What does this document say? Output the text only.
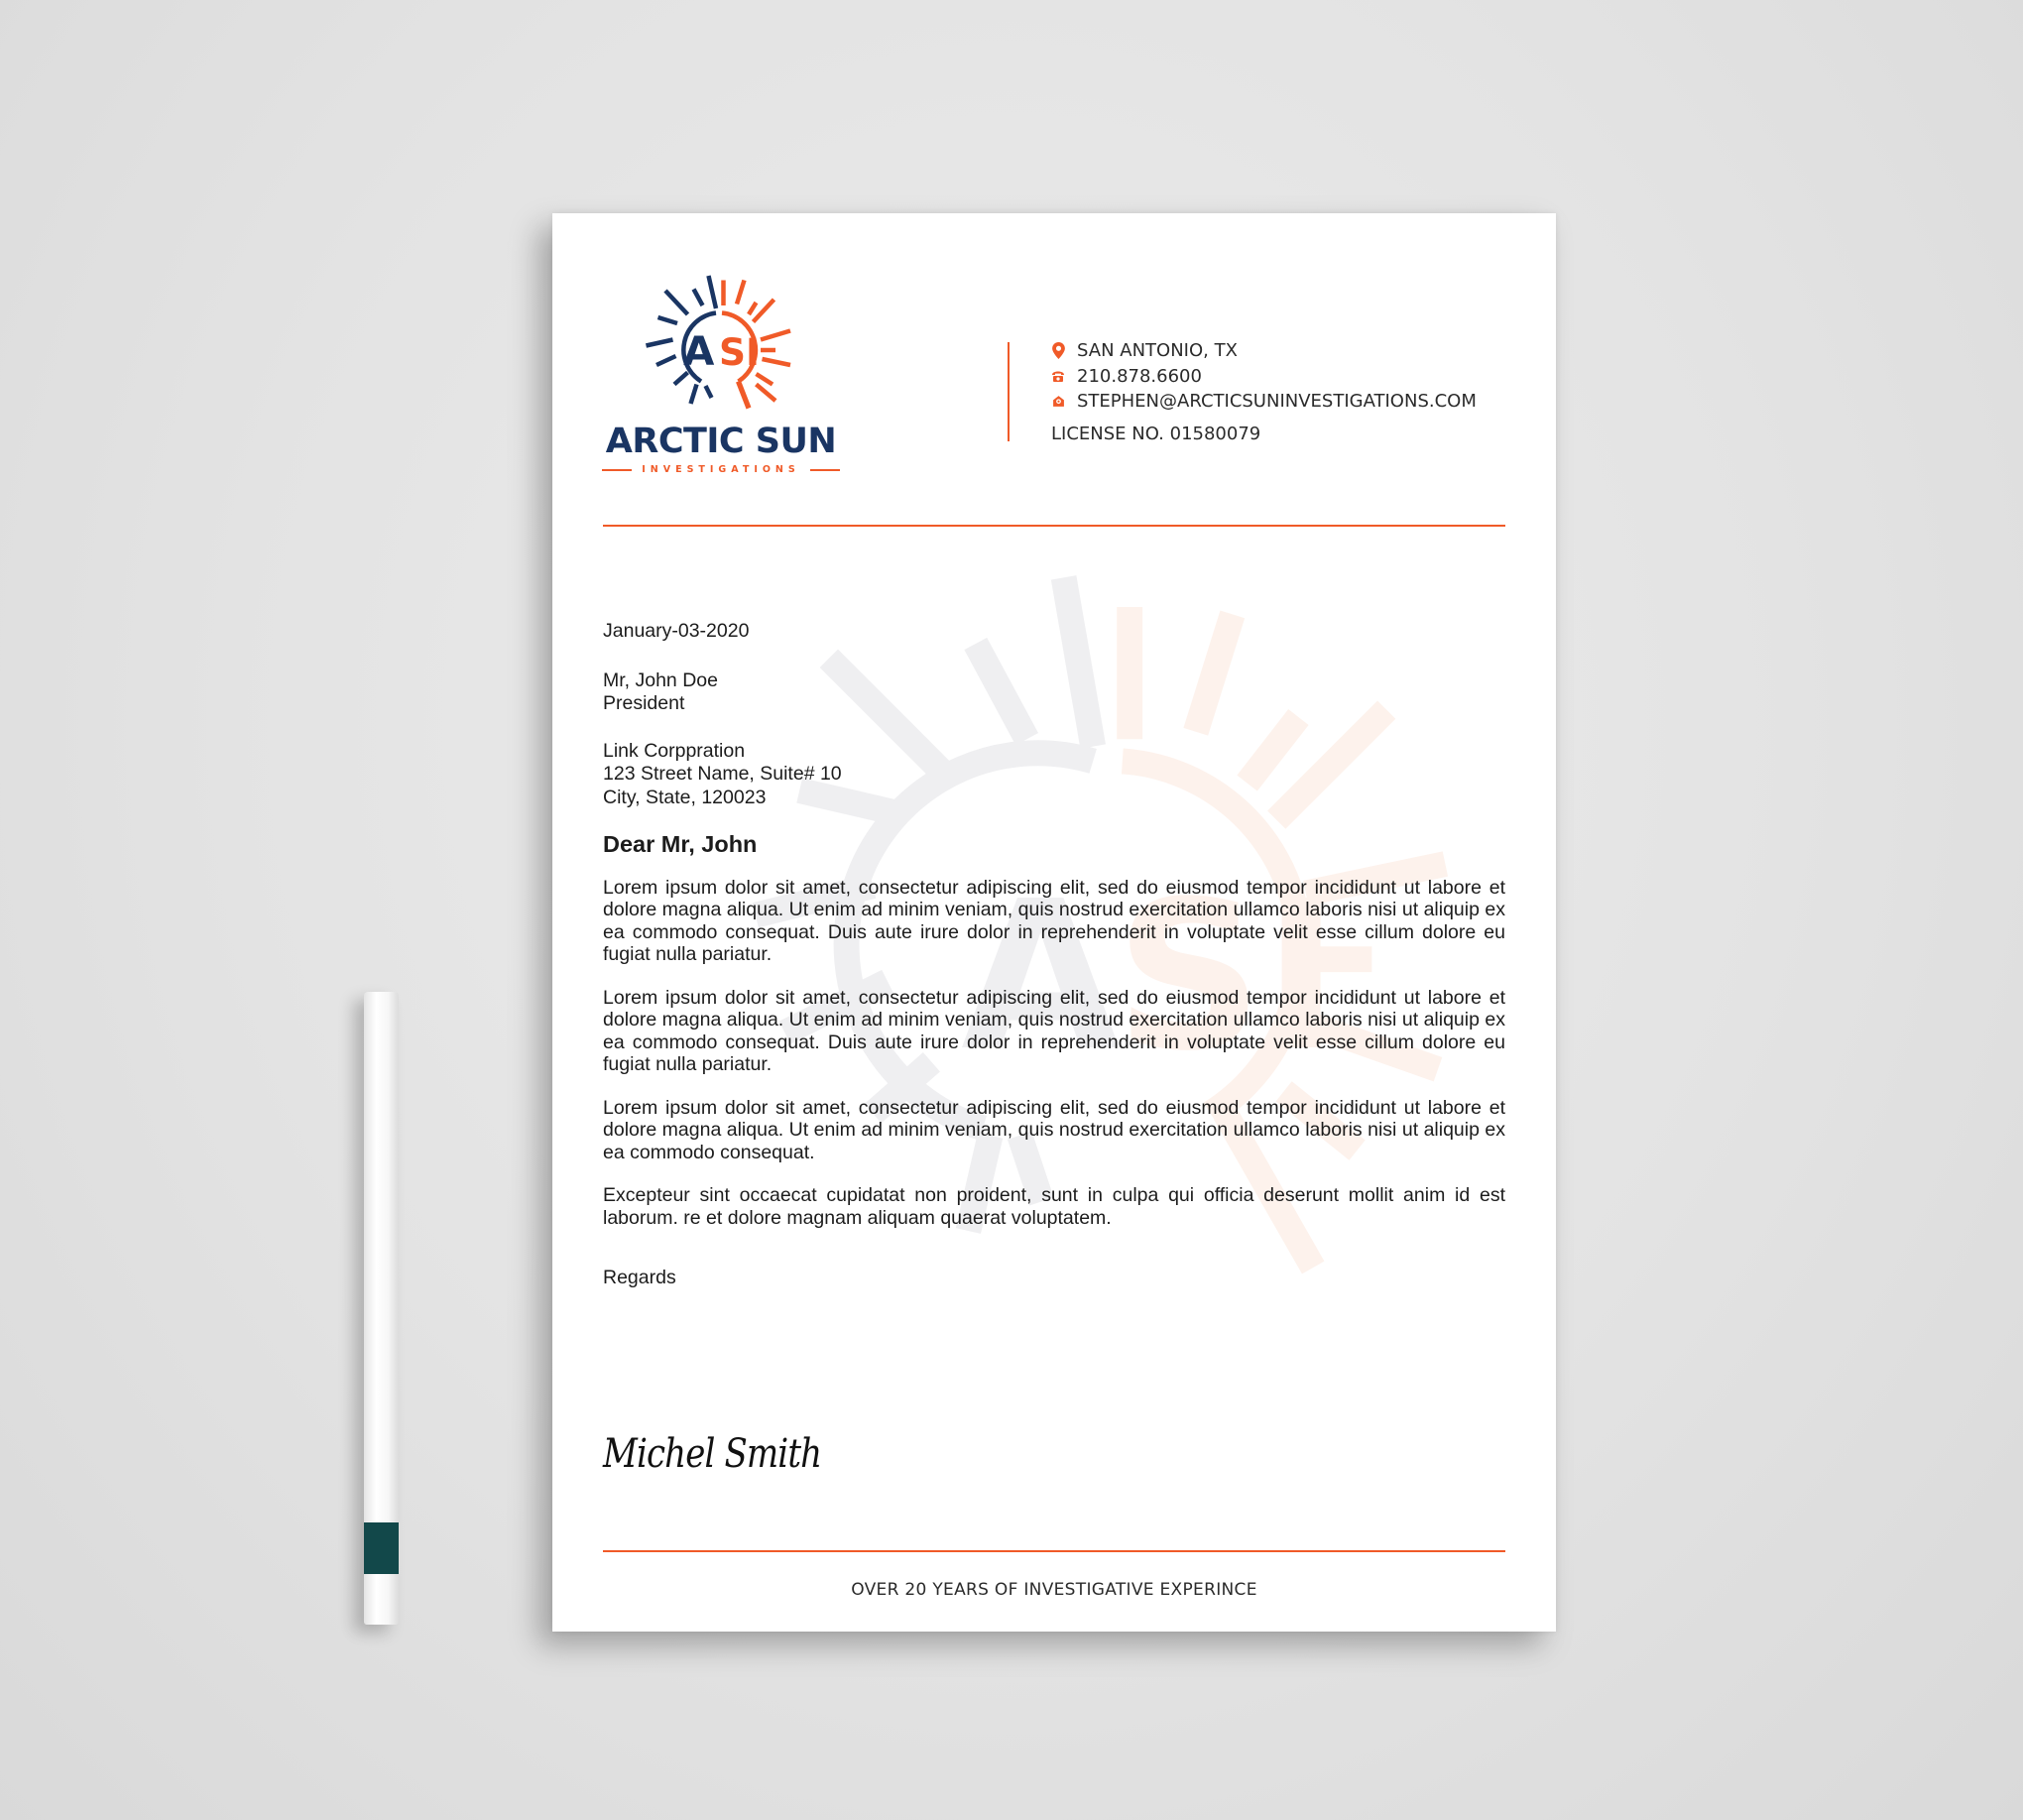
A
SI
A SI
ARCTIC SUN
INVESTIGATIONS
SAN ANTONIO, TX
210.878.6600
STEPHEN@ARCTICSUNINVESTIGATIONS.COM
LICENSE NO. 01580079
January-03-2020
Mr, John Doe
President
Link Corppration
123 Street Name, Suite# 10
City, State, 120023
Dear Mr, John

Lorem ipsum dolor sit amet, consectetur adipiscing elit, sed do eiusmod tempor incididunt ut labore et dolore magna aliqua. Ut enim ad minim veniam, quis nostrud exercitation ullamco laboris nisi ut aliquip ex ea commodo consequat. Duis aute irure dolor in reprehenderit in voluptate velit esse cillum dolore eu fugiat nulla pariatur.

Lorem ipsum dolor sit amet, consectetur adipiscing elit, sed do eiusmod tempor incididunt ut labore et dolore magna aliqua. Ut enim ad minim veniam, quis nostrud exercitation ullamco laboris nisi ut aliquip ex ea commodo consequat. Duis aute irure dolor in reprehenderit in voluptate velit esse cillum dolore eu fugiat nulla pariatur.

Lorem ipsum dolor sit amet, consectetur adipiscing elit, sed do eiusmod tempor incididunt ut labore et dolore magna aliqua. Ut enim ad minim veniam, quis nostrud exercitation ullamco laboris nisi ut aliquip ex ea commodo consequat.

Excepteur sint occaecat cupidatat non proident, sunt in culpa qui officia deserunt mollit anim id est laborum. re et dolore magnam aliquam quaerat voluptatem.

Regards
Michel Smith
OVER 20 YEARS OF INVESTIGATIVE EXPERINCE
